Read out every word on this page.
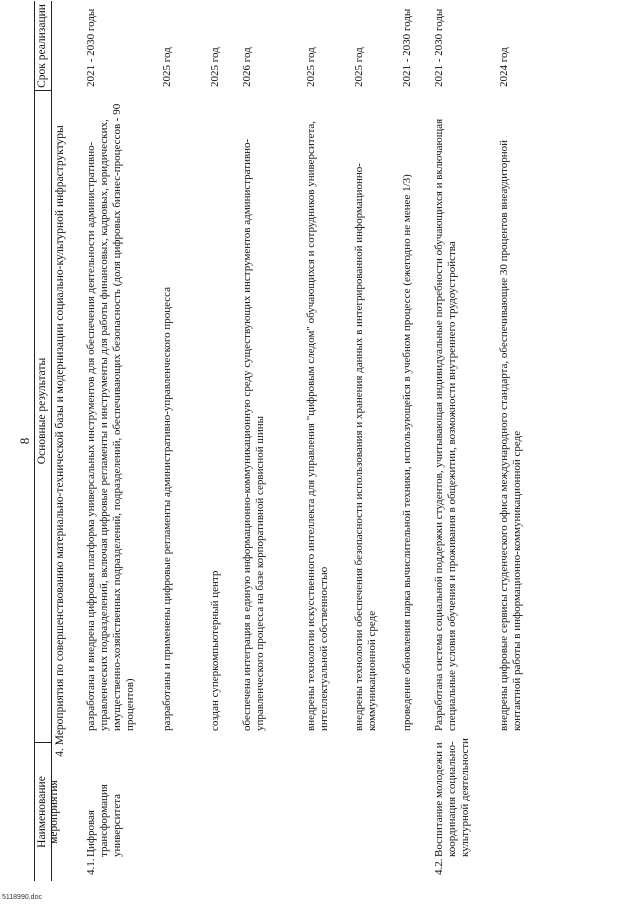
8
Наименование мероприятия
Основные результаты
Срок реализации
4. Мероприятия по совершенствованию материально-технической базы и модернизации социально-культурной инфраструктуры
4.1.
Цифровая трансформация университета
разработана и внедрена цифровая платформа универсальных инструментов для обеспечения деятельности административно-управленческих подразделений, включая цифровые регламенты и инструменты для работы финансовых, кадровых, юридических, имущественно-хозяйственных подразделений, подразделений, обеспечивающих безопасность (доля цифровых бизнес-процессов - 90 процентов)
2021 - 2030 годы
разработаны и применены цифровые регламенты административно-управленческого процесса
2025 год
создан суперкомпьютерный центр
2025 год
обеспечена интеграция в единую информационно-коммуникационную среду существующих инструментов административно-управленческого процесса на базе корпоративной сервисной шины
2026 год
внедрены технологии искусственного интеллекта для управления "цифровым следом" обучающихся и сотрудников университета, интеллектуальной собственностью
2025 год
внедрены технологии обеспечения безопасности использования и хранения данных в интегрированной информационно-коммуникационной среде
2025 год
проведение обновления парка вычислительной техники, использующейся в учебном процессе (ежегодно не менее 1/3)
2021 - 2030 годы
4.2.
Воспитание молодежи и координация социально-культурной деятельности
Разработана система социальной поддержки студентов, учитывающая индивидуальные потребности обучающихся и включающая специальные условия обучения и проживания в общежитии, возможности внутреннего трудоустройства
2021 - 2030 годы
внедрены цифровые сервисы студенческого офиса международного стандарта, обеспечивающие 30 процентов внеаудиторной контактной работы в информационно-коммуникационной среде
2024 год
5118990.doc
